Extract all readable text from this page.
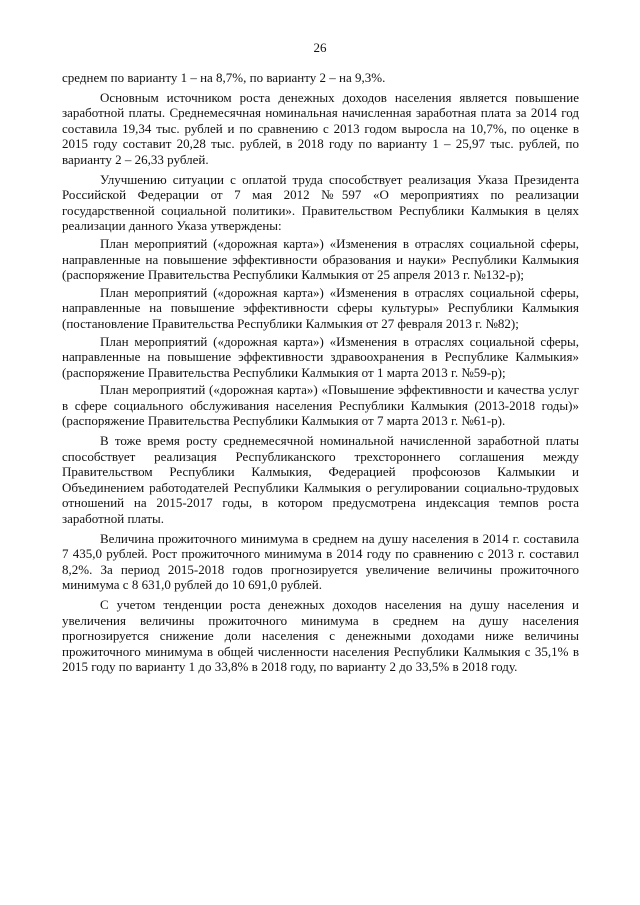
26

среднем по варианту 1 – на 8,7%, по варианту 2 – на 9,3%.

Основным источником роста денежных доходов населения является повышение заработной платы. Среднемесячная номинальная начисленная заработная плата за 2014 год составила 19,34 тыс. рублей и по сравнению с 2013 годом выросла на 10,7%, по оценке в 2015 году составит 20,28 тыс. рублей, в 2018 году по варианту 1 – 25,97 тыс. рублей, по варианту 2 – 26,33 рублей.

Улучшению ситуации с оплатой труда способствует реализация Указа Президента Российской Федерации от 7 мая 2012 №597 «О мероприятиях по реализации государственной социальной политики». Правительством Республики Калмыкия в целях реализации данного Указа утверждены:

План мероприятий («дорожная карта») «Изменения в отраслях социальной сферы, направленные на повышение эффективности образования и науки» Республики Калмыкия (распоряжение Правительства Республики Калмыкия от 25 апреля 2013 г. №132-р);

План мероприятий («дорожная карта») «Изменения в отраслях социальной сферы, направленные на повышение эффективности сферы культуры» Республики Калмыкия (постановление Правительства Республики Калмыкия от 27 февраля 2013 г. №82);

План мероприятий («дорожная карта») «Изменения в отраслях социальной сферы, направленные на повышение эффективности здравоохранения в Республике Калмыкия» (распоряжение Правительства Республики Калмыкия от 1 марта 2013 г. №59-р);

План мероприятий («дорожная карта») «Повышение эффективности и качества услуг в сфере социального обслуживания населения Республики Калмыкия (2013-2018 годы)» (распоряжение Правительства Республики Калмыкия от 7 марта 2013 г. №61-р).

В тоже время росту среднемесячной номинальной начисленной заработной платы способствует реализация Республиканского трехстороннего соглашения между Правительством Республики Калмыкия, Федерацией профсоюзов Калмыкии и Объединением работодателей Республики Калмыкия о регулировании социально-трудовых отношений на 2015-2017 годы, в котором предусмотрена индексация темпов роста заработной платы.

Величина прожиточного минимума в среднем на душу населения в 2014 г. составила 7 435,0 рублей. Рост прожиточного минимума в 2014 году по сравнению с 2013 г. составил 8,2%. За период 2015-2018 годов прогнозируется увеличение величины прожиточного минимума с 8 631,0 рублей до 10 691,0 рублей.

С учетом тенденции роста денежных доходов населения на душу населения и увеличения величины прожиточного минимума в среднем на душу населения прогнозируется снижение доли населения с денежными доходами ниже величины прожиточного минимума в общей численности населения Республики Калмыкия с 35,1% в 2015 году по варианту 1 до 33,8% в 2018 году, по варианту 2 до 33,5% в 2018 году.
